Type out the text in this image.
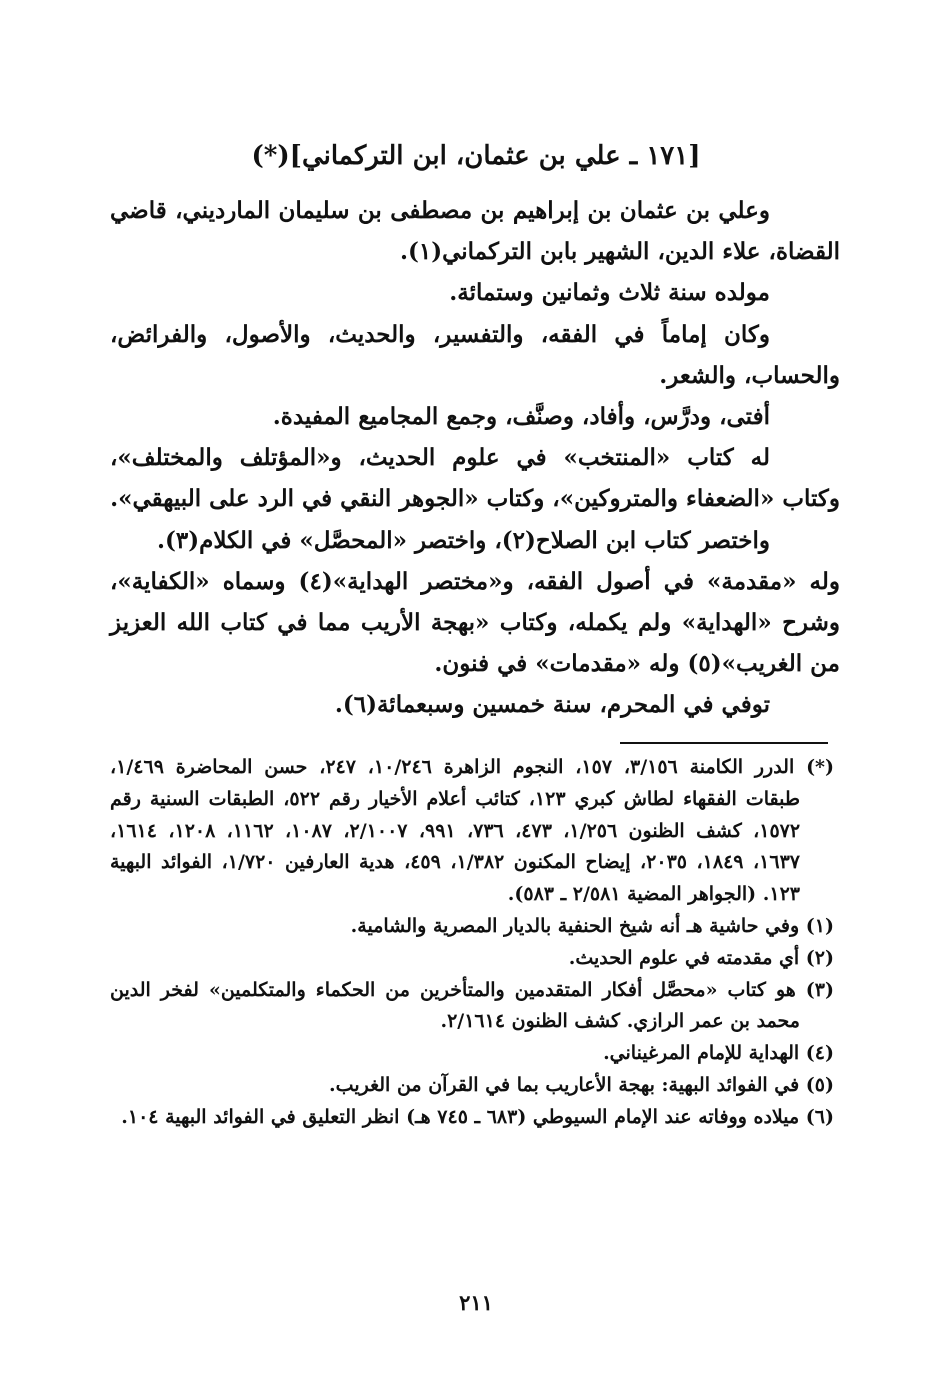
[١٧١ ـ علي بن عثمان، ابن التركماني](*)

وعلي بن عثمان بن إبراهيم بن مصطفى بن سليمان المارديني، قاضي القضاة، علاء الدين، الشهير بابن التركماني(١).

مولده سنة ثلاث وثمانين وستمائة.

وكان إماماً في الفقه، والتفسير، والحديث، والأصول، والفرائض، والحساب، والشعر.

أفتى، ودرَّس، وأفاد، وصنَّف، وجمع المجاميع المفيدة.

له كتاب «المنتخب» في علوم الحديث، و«المؤتلف والمختلف»، وكتاب «الضعفاء والمتروكين»، وكتاب «الجوهر النقي في الرد على البيهقي».

واختصر كتاب ابن الصلاح(٢)، واختصر «المحصَّل» في الكلام(٣).

وله «مقدمة» في أصول الفقه، و«مختصر الهداية»(٤) وسماه «الكفاية»، وشرح «الهداية» ولم يكمله، وكتاب «بهجة الأريب مما في كتاب الله العزيز من الغريب»(٥) وله «مقدمات» في فنون.

توفي في المحرم، سنة خمسين وسبعمائة(٦).

(*) الدرر الكامنة ٣/١٥٦، ١٥٧، النجوم الزاهرة ١٠/٢٤٦، ٢٤٧، حسن المحاضرة ١/٤٦٩، طبقات الفقهاء لطاش كبري ١٢٣، كتائب أعلام الأخيار رقم ٥٢٢، الطبقات السنية رقم ١٥٧٢، كشف الظنون ١/٢٥٦، ٤٧٣، ٧٣٦، ٩٩١، ٢/١٠٠٧، ١٠٨٧، ١١٦٢، ١٢٠٨، ١٦١٤، ١٦٣٧، ١٨٤٩، ٢٠٣٥، إيضاح المكنون ١/٣٨٢، ٤٥٩، هدية العارفين ١/٧٢٠، الفوائد البهية ١٢٣. (الجواهر المضية ٢/٥٨١ ـ ٥٨٣).

(١) وفي حاشية هـ أنه شيخ الحنفية بالديار المصرية والشامية.

(٢) أي مقدمته في علوم الحديث.

(٣) هو كتاب «محصَّل أفكار المتقدمين والمتأخرين من الحكماء والمتكلمين» لفخر الدين محمد بن عمر الرازي. كشف الظنون ٢/١٦١٤.

(٤) الهداية للإمام المرغيناني.

(٥) في الفوائد البهية: بهجة الأعاريب بما في القرآن من الغريب.

(٦) ميلاده ووفاته عند الإمام السيوطي (٦٨٣ ـ ٧٤٥ هـ) انظر التعليق في الفوائد البهية ١٠٤.

٢١١
